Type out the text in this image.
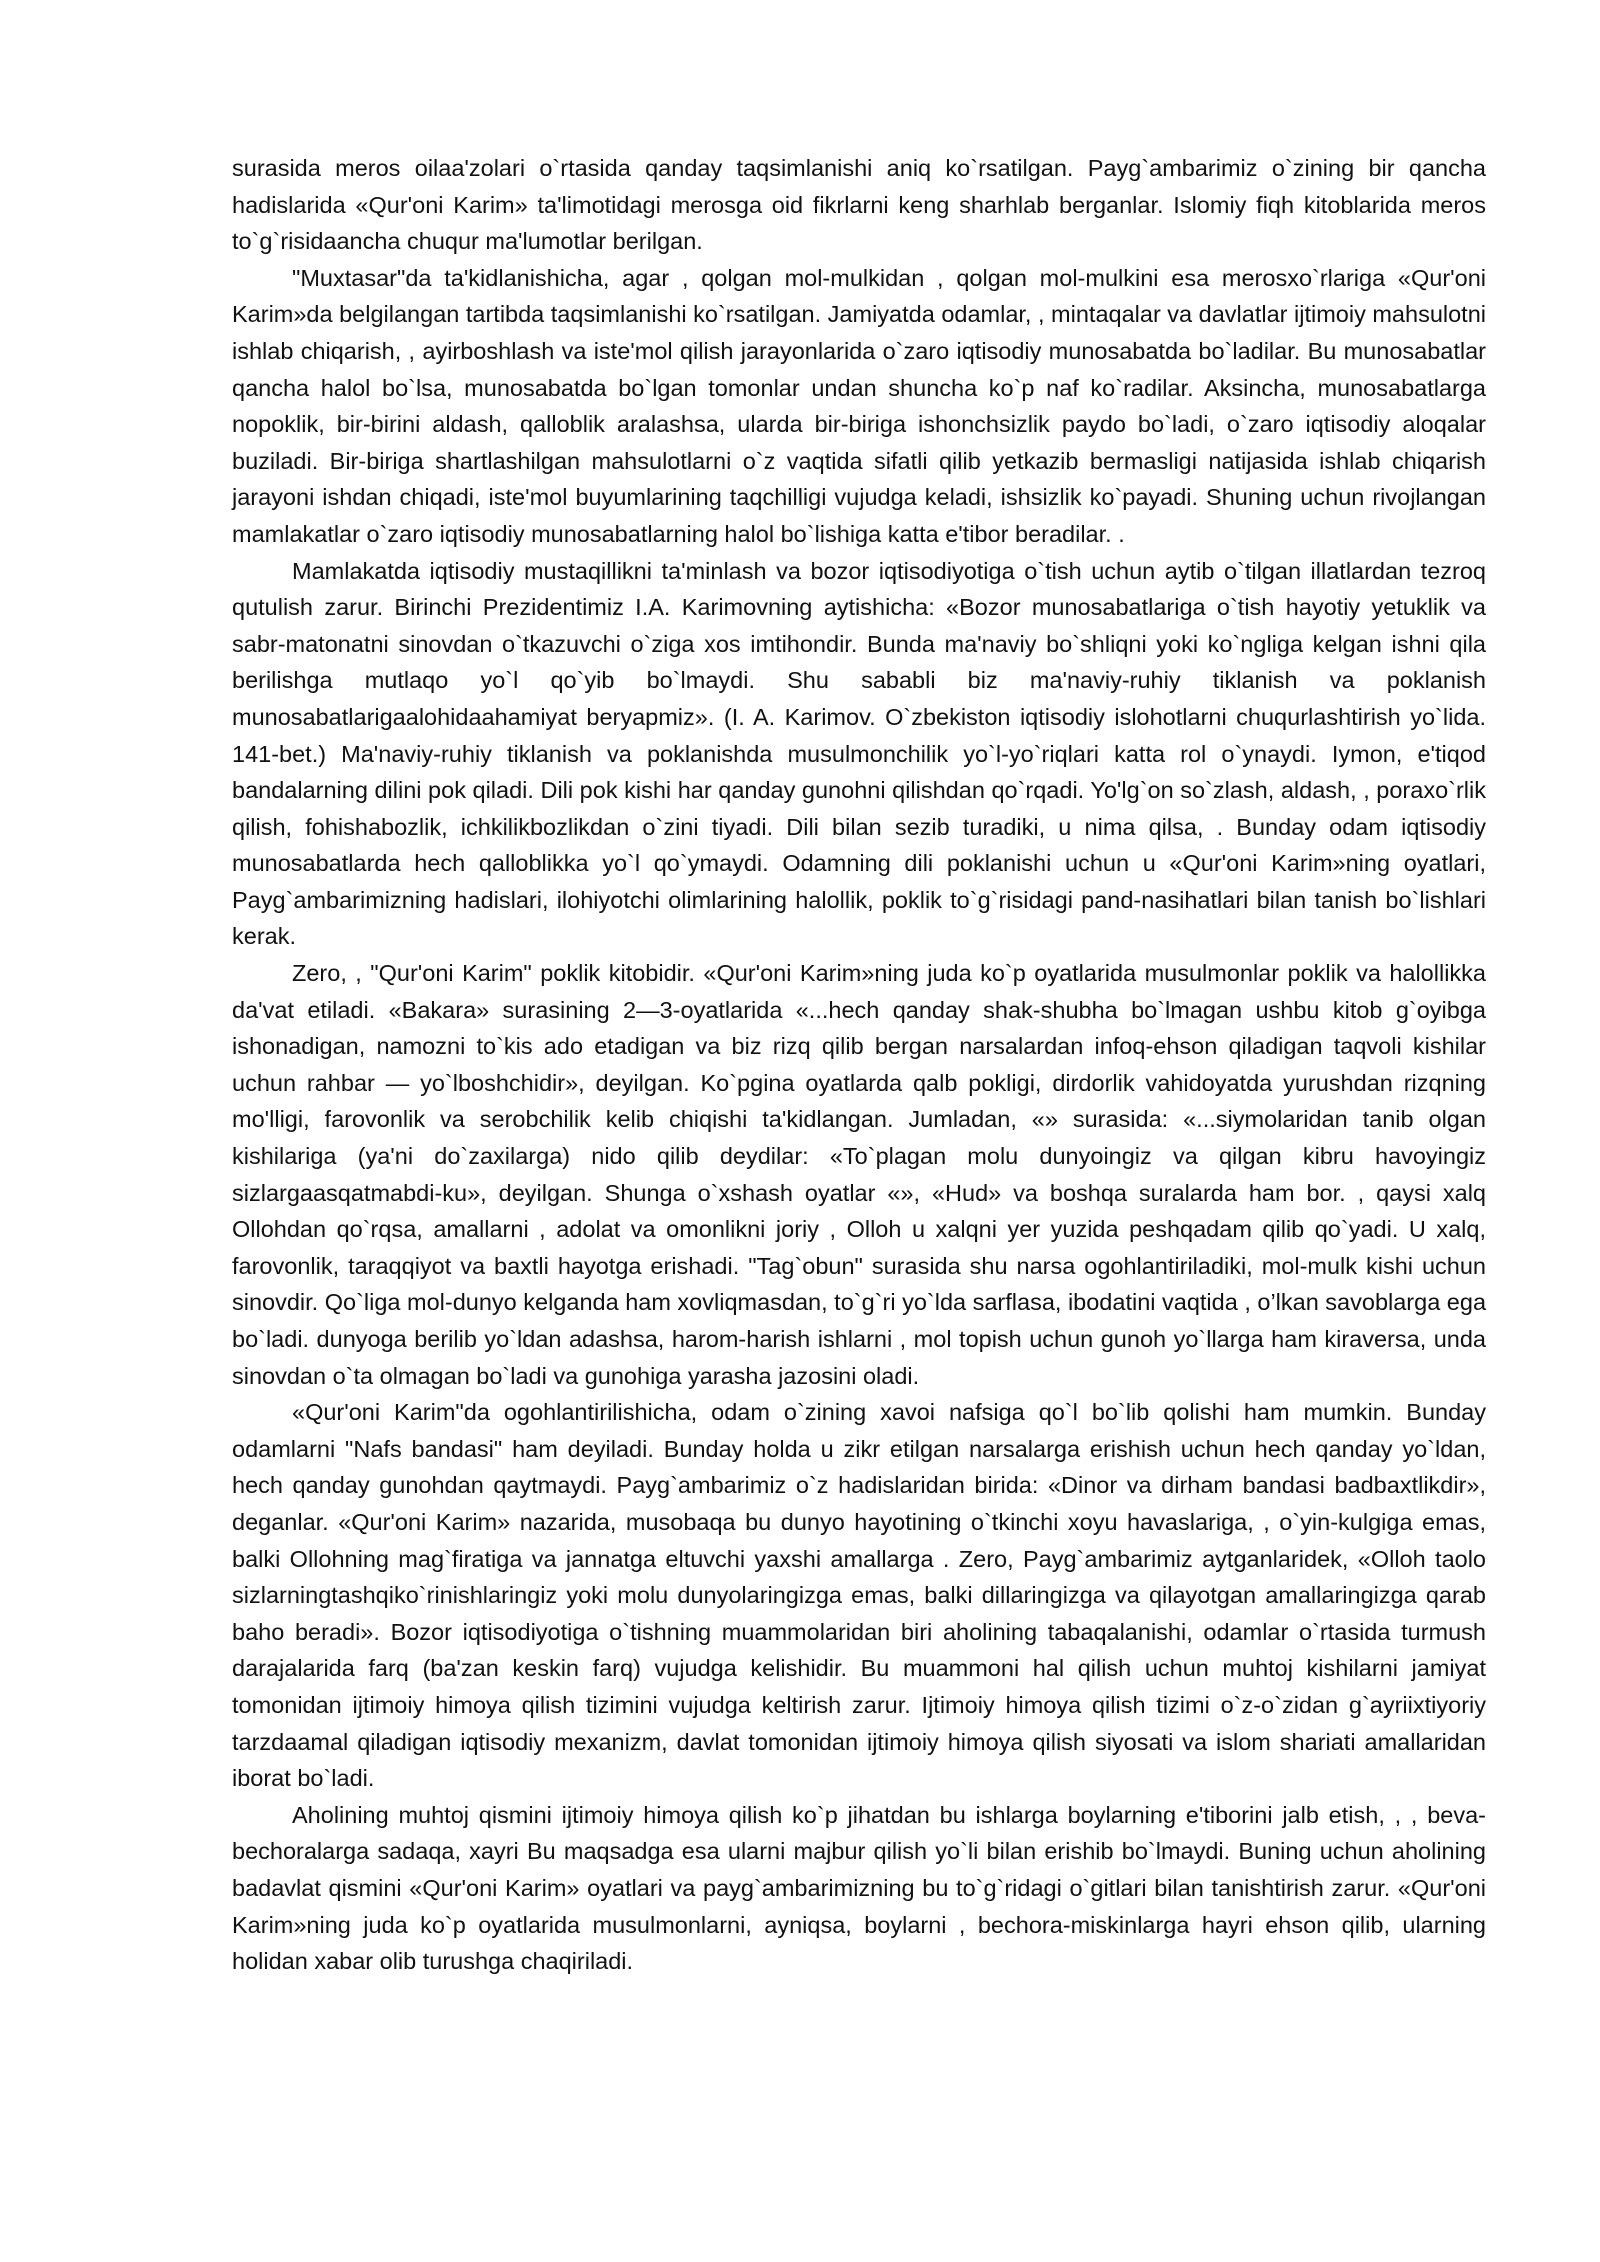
surasida meros oilaa'zolari o`rtasida qanday taqsimlanishi aniq ko`rsatilgan. Payg`ambarimiz o`zining bir qancha hadislarida «Qur'oni Karim» ta'limotidagi merosga oid fikrlarni keng sharhlab berganlar. Islomiy fiqh kitoblarida meros to`g`risidaancha chuqur ma'lumotlar berilgan.

"Muxtasar"da ta'kidlanishicha, agar , qolgan mol-mulkidan , qolgan mol-mulkini esa merosxo`rlariga «Qur'oni Karim»da belgilangan tartibda taqsimlanishi ko`rsatilgan. Jamiyatda odamlar, , mintaqalar va davlatlar ijtimoiy mahsulotni ishlab chiqarish, , ayirboshlash va iste'mol qilish jarayonlarida o`zaro iqtisodiy munosabatda bo`ladilar. Bu munosabatlar qancha halol bo`lsa, munosabatda bo`lgan tomonlar undan shuncha ko`p naf ko`radilar. Aksincha, munosabatlarga nopoklik, bir-birini aldash, qalloblik aralashsa, ularda bir-biriga ishonchsizlik paydo bo`ladi, o`zaro iqtisodiy aloqalar buziladi. Bir-biriga shartlashilgan mahsulotlarni o`z vaqtida sifatli qilib yetkazib bermasligi natijasida ishlab chiqarish jarayoni ishdan chiqadi, iste'mol buyumlarining taqchilligi vujudga keladi, ishsizlik ko`payadi. Shuning uchun rivojlangan mamlakatlar o`zaro iqtisodiy munosabatlarning halol bo`lishiga katta e'tibor beradilar. .

Mamlakatda iqtisodiy mustaqillikni ta'minlash va bozor iqtisodiyotiga o`tish uchun aytib o`tilgan illatlardan tezroq qutulish zarur. Birinchi Prezidentimiz I.A. Karimovning aytishicha: «Bozor munosabatlariga o`tish hayotiy yetuklik va sabr-matonatni sinovdan o`tkazuvchi o`ziga xos imtihondir. Bunda ma'naviy bo`shliqni yoki ko`ngliga kelgan ishni qila berilishga mutlaqo yo`l qo`yib bo`lmaydi. Shu sababli biz ma'naviy-ruhiy tiklanish va poklanish munosabatlarigaalohidaahamiyat beryapmiz». (I. A. Karimov. O`zbekiston iqtisodiy islohotlarni chuqurlashtirish yo`lida. 141-bet.) Ma'naviy-ruhiy tiklanish va poklanishda musulmonchilik yo`l-yo`riqlari katta rol o`ynaydi. Iymon, e'tiqod bandalarning dilini pok qiladi. Dili pok kishi har qanday gunohni qilishdan qo`rqadi. Yo'lg`on so`zlash, aldash, , poraxo`rlik qilish, fohishabozlik, ichkilikbozlikdan o`zini tiyadi. Dili bilan sezib turadiki, u nima qilsa, . Bunday odam iqtisodiy munosabatlarda hech qalloblikka yo`l qo`ymaydi. Odamning dili poklanishi uchun u «Qur'oni Karim»ning oyatlari, Payg`ambarimizning hadislari, ilohiyotchi olimlarining halollik, poklik to`g`risidagi pand-nasihatlari bilan tanish bo`lishlari kerak.

Zero, , "Qur'oni Karim" poklik kitobidir. «Qur'oni Karim»ning juda ko`p oyatlarida musulmonlar poklik va halollikka da'vat etiladi. «Bakara» surasining 2—3-oyatlarida «...hech qanday shak-shubha bo`lmagan ushbu kitob g`oyibga ishonadigan, namozni to`kis ado etadigan va biz rizq qilib bergan narsalardan infoq-ehson qiladigan taqvoli kishilar uchun rahbar — yo`lboshchidir», deyilgan. Ko`pgina oyatlarda qalb pokligi, dirdorlik vahidoyatda yurushdan rizqning mo'lligi, farovonlik va serobchilik kelib chiqishi ta'kidlangan. Jumladan, «» surasida: «...siymolaridan tanib olgan kishilariga (ya'ni do`zaxilarga) nido qilib deydilar: «To`plagan molu dunyoingiz va qilgan kibru havoyingiz sizlargaasqatmabdi-ku», deyilgan. Shunga o`xshash oyatlar «», «Hud» va boshqa suralarda ham bor. , qaysi xalq Ollohdan qo`rqsa, amallarni , adolat va omonlikni joriy , Olloh u xalqni yer yuzida peshqadam qilib qo`yadi. U xalq, farovonlik, taraqqiyot va baxtli hayotga erishadi. "Tag`obun" surasida shu narsa ogohlantiriladiki, mol-mulk kishi uchun sinovdir. Qo`liga mol-dunyo kelganda ham xovliqmasdan, to`g`ri yo`lda sarflasa, ibodatini vaqtida , o’lkan savoblarga ega bo`ladi. dunyoga berilib yo`ldan adashsa, harom-harish ishlarni , mol topish uchun gunoh yo`llarga ham kiraversa, unda sinovdan o`ta olmagan bo`ladi va gunohiga yarasha jazosini oladi.

«Qur'oni Karim"da ogohlantirilishicha, odam o`zining xavoi nafsiga qo`l bo`lib qolishi ham mumkin. Bunday odamlarni "Nafs bandasi" ham deyiladi. Bunday holda u zikr etilgan narsalarga erishish uchun hech qanday yo`ldan, hech qanday gunohdan qaytmaydi. Payg`ambarimiz o`z hadislaridan birida: «Dinor va dirham bandasi badbaxtlikdir», deganlar. «Qur'oni Karim» nazarida, musobaqa bu dunyo hayotining o`tkinchi xoyu havaslariga, , o`yin-kulgiga emas, balki Ollohning mag`firatiga va jannatga eltuvchi yaxshi amallarga . Zero, Payg`ambarimiz aytganlaridek, «Olloh taolo sizlarningtashqiko`rinishlaringiz yoki molu dunyolaringizga emas, balki dillaringizga va qilayotgan amallaringizga qarab baho beradi». Bozor iqtisodiyotiga o`tishning muammolaridan biri aholining tabaqalanishi, odamlar o`rtasida turmush darajalarida farq (ba'zan keskin farq) vujudga kelishidir. Bu muammoni hal qilish uchun muhtoj kishilarni jamiyat tomonidan ijtimoiy himoya qilish tizimini vujudga keltirish zarur. Ijtimoiy himoya qilish tizimi o`z-o`zidan g`ayriixtiyoriy tarzdaamal qiladigan iqtisodiy mexanizm, davlat tomonidan ijtimoiy himoya qilish siyosati va islom shariati amallaridan iborat bo`ladi.

Aholining muhtoj qismini ijtimoiy himoya qilish ko`p jihatdan bu ishlarga boylarning e'tiborini jalb etish, , , beva-bechoralarga sadaqa, xayri Bu maqsadga esa ularni majbur qilish yo`li bilan erishib bo`lmaydi. Buning uchun aholining badavlat qismini «Qur'oni Karim» oyatlari va payg`ambarimizning bu to`g`ridagi o`gitlari bilan tanishtirish zarur. «Qur'oni Karim»ning juda ko`p oyatlarida musulmonlarni, ayniqsa, boylarni , bechora-miskinlarga hayri ehson qilib, ularning holidan xabar olib turushga chaqiriladi.
